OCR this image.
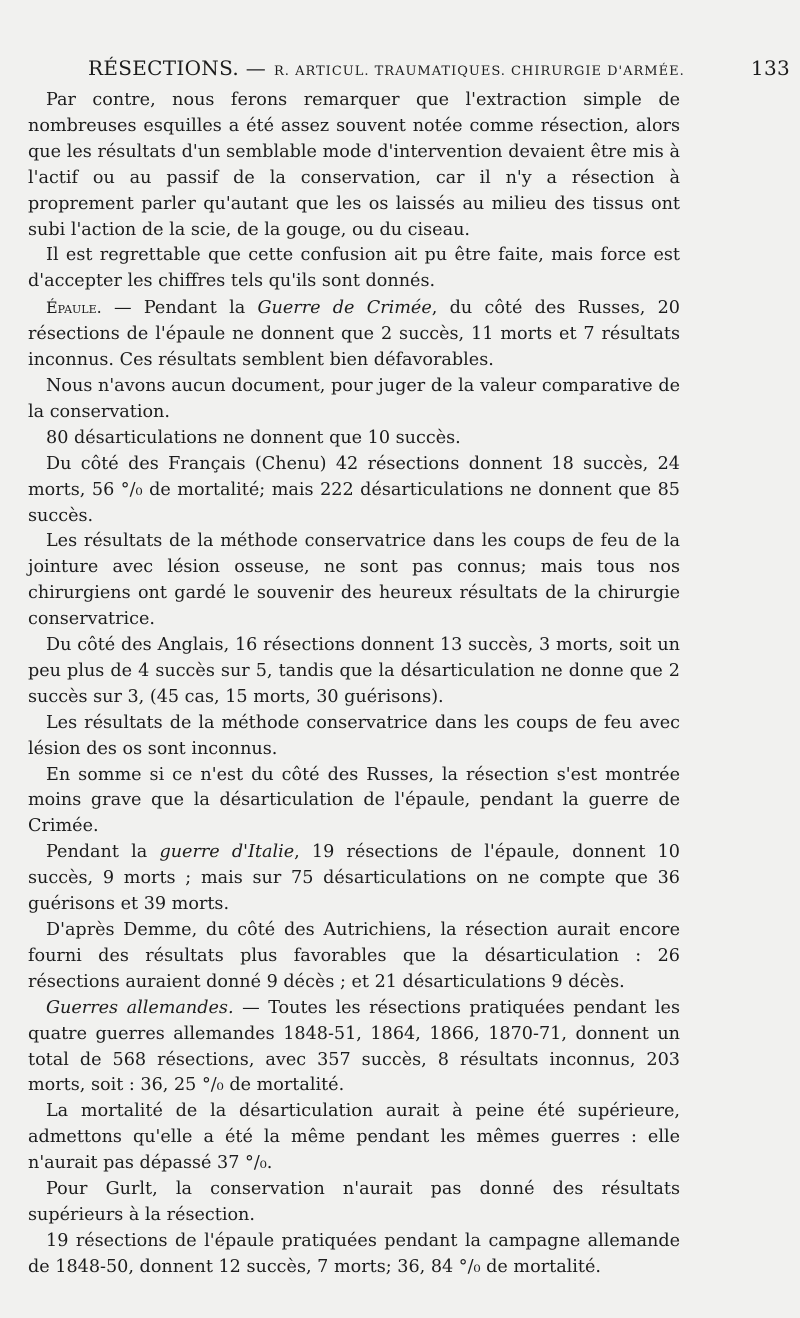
RÉSECTIONS. — R. ARTICUL. TRAUMATIQUES. CHIRURGIE D'ARMÉE.	133

Par contre, nous ferons remarquer que l'extraction simple de nombreuses esquilles a été assez souvent notée comme résection, alors que les résultats d'un semblable mode d'intervention devaient être mis à l'actif ou au passif de la conservation, car il n'y a résection à proprement parler qu'autant que les os laissés au milieu des tissus ont subi l'action de la scie, de la gouge, ou du ciseau.

Il est regrettable que cette confusion ait pu être faite, mais force est d'accepter les chiffres tels qu'ils sont donnés.

Épaule. — Pendant la Guerre de Crimée, du côté des Russes, 20 résections de l'épaule ne donnent que 2 succès, 11 morts et 7 résultats inconnus. Ces résultats semblent bien défavorables.

Nous n'avons aucun document, pour juger de la valeur comparative de la conservation.

80 désarticulations ne donnent que 10 succès.

Du côté des Français (Chenu) 42 résections donnent 18 succès, 24 morts, 56 °/₀ de mortalité; mais 222 désarticulations ne donnent que 85 succès.

Les résultats de la méthode conservatrice dans les coups de feu de la jointure avec lésion osseuse, ne sont pas connus; mais tous nos chirurgiens ont gardé le souvenir des heureux résultats de la chirurgie conservatrice.

Du côté des Anglais, 16 résections donnent 13 succès, 3 morts, soit un peu plus de 4 succès sur 5, tandis que la désarticulation ne donne que 2 succès sur 3, (45 cas, 15 morts, 30 guérisons).

Les résultats de la méthode conservatrice dans les coups de feu avec lésion des os sont inconnus.

En somme si ce n'est du côté des Russes, la résection s'est montrée moins grave que la désarticulation de l'épaule, pendant la guerre de Crimée.

Pendant la guerre d'Italie, 19 résections de l'épaule, donnent 10 succès, 9 morts ; mais sur 75 désarticulations on ne compte que 36 guérisons et 39 morts.

D'après Demme, du côté des Autrichiens, la résection aurait encore fourni des résultats plus favorables que la désarticulation : 26 résections auraient donné 9 décès ; et 21 désarticulations 9 décès.

Guerres allemandes. — Toutes les résections pratiquées pendant les quatre guerres allemandes 1848-51, 1864, 1866, 1870-71, donnent un total de 568 résections, avec 357 succès, 8 résultats inconnus, 203 morts, soit : 36, 25 °/₀ de mortalité.

La mortalité de la désarticulation aurait à peine été supérieure, admettons qu'elle a été la même pendant les mêmes guerres : elle n'aurait pas dépassé 37 °/₀.

Pour Gurlt, la conservation n'aurait pas donné des résultats supérieurs à la résection.

19 résections de l'épaule pratiquées pendant la campagne allemande de 1848-50, donnent 12 succès, 7 morts; 36, 84 °/₀ de mortalité.
